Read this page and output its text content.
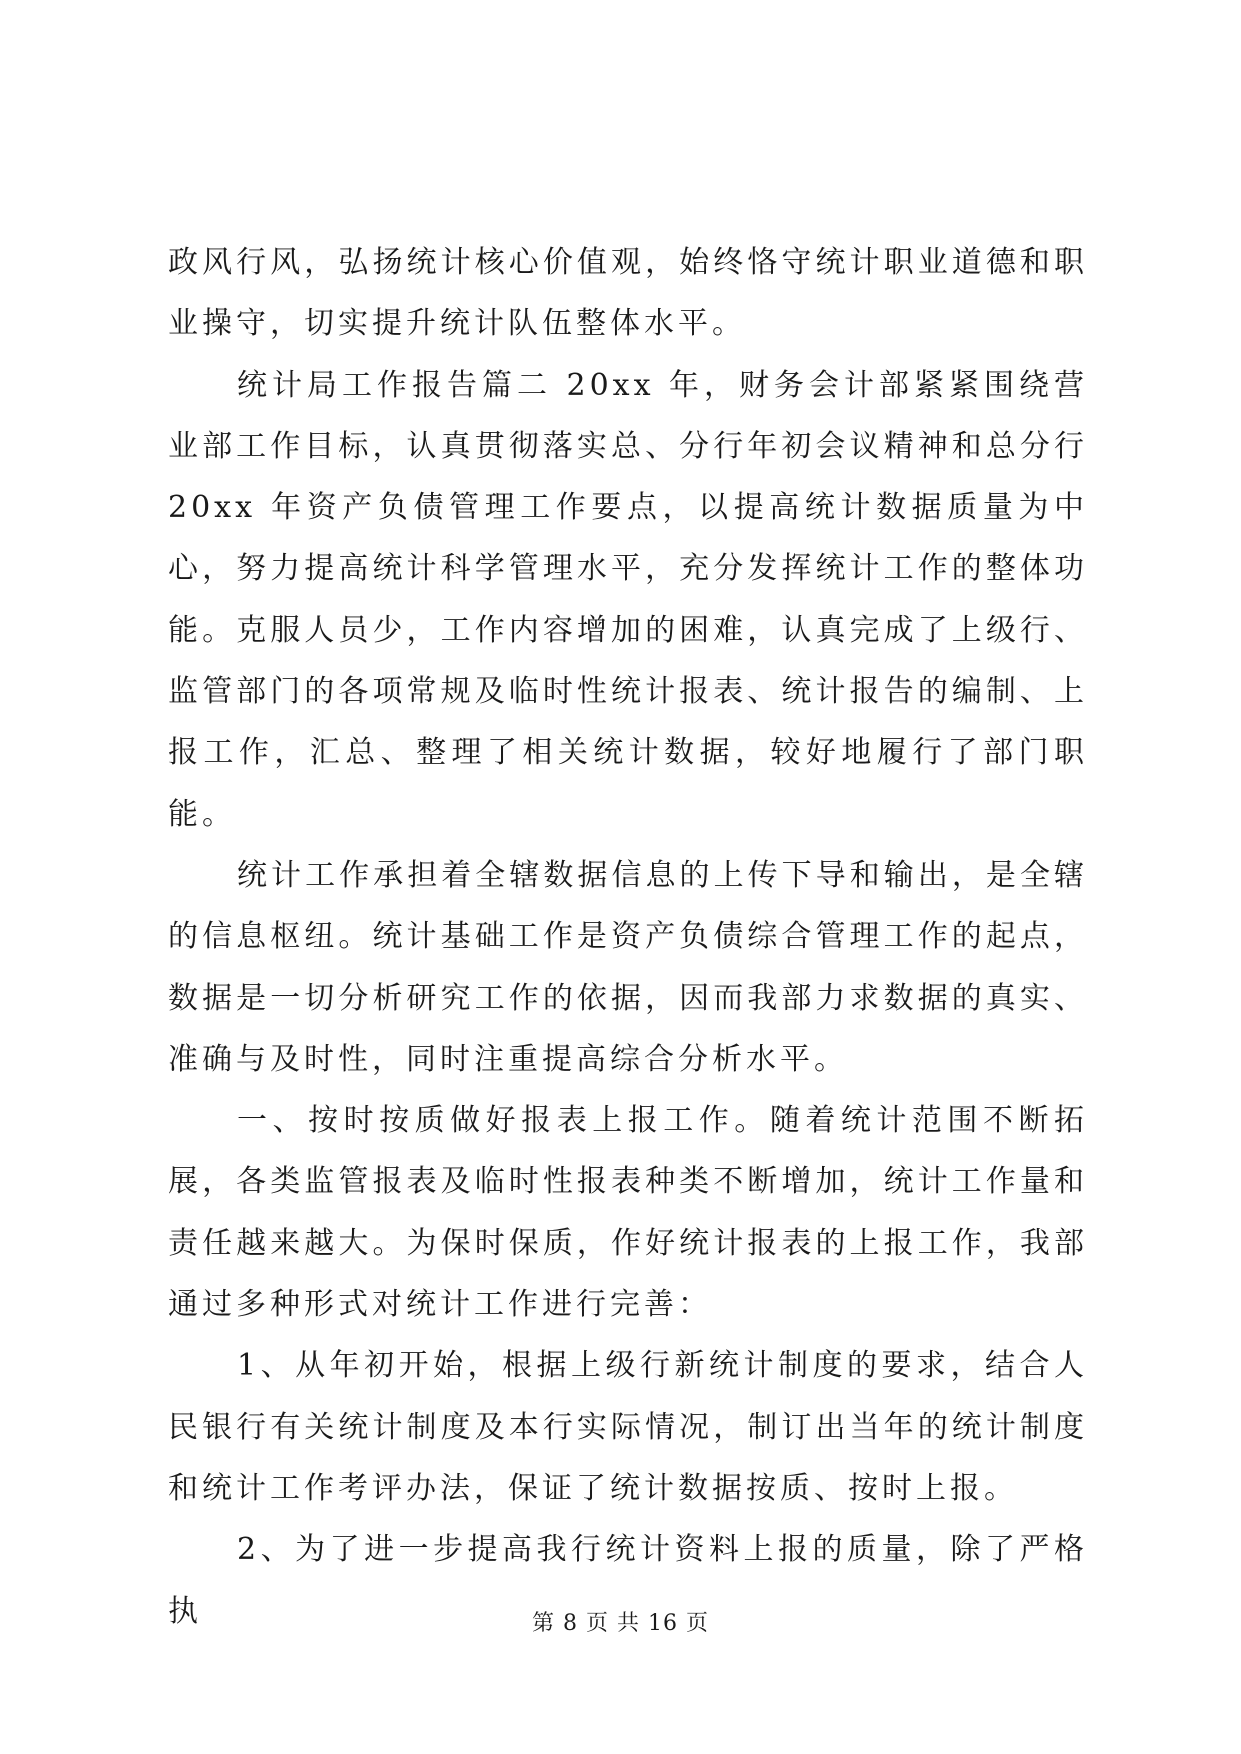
政风行风，弘扬统计核心价值观，始终恪守统计职业道德和职业操守，切实提升统计队伍整体水平。

统计局工作报告篇二 20xx 年，财务会计部紧紧围绕营业部工作目标，认真贯彻落实总、分行年初会议精神和总分行 20xx 年资产负债管理工作要点，以提高统计数据质量为中心，努力提高统计科学管理水平，充分发挥统计工作的整体功能。克服人员少，工作内容增加的困难，认真完成了上级行、监管部门的各项常规及临时性统计报表、统计报告的编制、上报工作，汇总、整理了相关统计数据，较好地履行了部门职能。

统计工作承担着全辖数据信息的上传下导和输出，是全辖的信息枢纽。统计基础工作是资产负债综合管理工作的起点，数据是一切分析研究工作的依据，因而我部力求数据的真实、准确与及时性，同时注重提高综合分析水平。

一、按时按质做好报表上报工作。随着统计范围不断拓展，各类监管报表及临时性报表种类不断增加，统计工作量和责任越来越大。为保时保质，作好统计报表的上报工作，我部通过多种形式对统计工作进行完善：

1、从年初开始，根据上级行新统计制度的要求，结合人民银行有关统计制度及本行实际情况，制订出当年的统计制度和统计工作考评办法，保证了统计数据按质、按时上报。

2、为了进一步提高我行统计资料上报的质量，除了严格执	第 8 页 共 16 页
